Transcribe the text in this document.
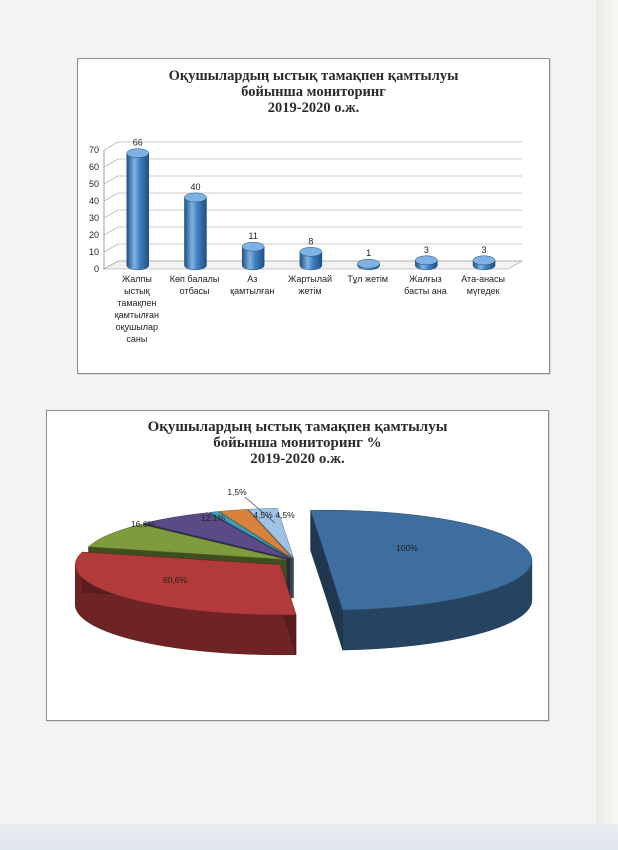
Оқушылардың ыстық тамақпен қамтылуы
бойынша мониторинг
2019-2020 о.ж.
0
10
20
30
40
50
60
70
66
Жалпы
ыстық
тамақпен
қамтылған
оқушылар
саны
40
Көп балалы
отбасы
11
Аз
қамтылған
8
Жартылай
жетім
1
Тұл жетім
3
Жалғыз
басты ана
3
Ата-анасы
мүгедек
Оқушылардың ыстық тамақпен қамтылуы
бойынша мониторинг %
2019-2020 о.ж.
100%
60,6%
16,6%
12.1%
1,5%
4,5% 4,5%
